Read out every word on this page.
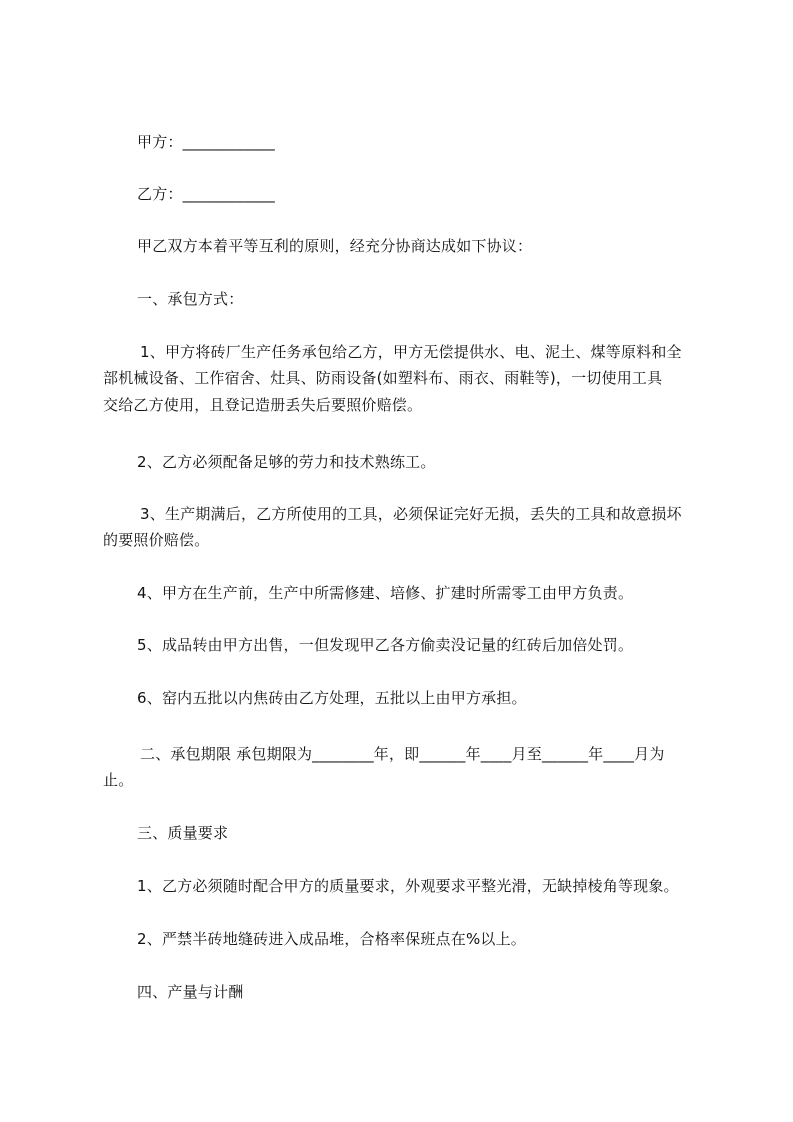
甲方：____________
乙方：____________
甲乙双方本着平等互利的原则，经充分协商达成如下协议：
一、承包方式：
1、甲方将砖厂生产任务承包给乙方，甲方无偿提供水、电、泥土、煤等原料和全
部机械设备、工作宿舍、灶具、防雨设备(如塑料布、雨衣、雨鞋等)，一切使用工具
交给乙方使用，且登记造册丢失后要照价赔偿。
2、乙方必须配备足够的劳力和技术熟练工。
3、生产期满后，乙方所使用的工具，必须保证完好无损，丢失的工具和故意损坏
的要照价赔偿。
4、甲方在生产前，生产中所需修建、培修、扩建时所需零工由甲方负责。
5、成品转由甲方出售，一但发现甲乙各方偷卖没记量的红砖后加倍处罚。
6、窑内五批以内焦砖由乙方处理，五批以上由甲方承担。
二、承包期限 承包期限为________年，即______年____月至______年____月为
止。
三、质量要求
1、乙方必须随时配合甲方的质量要求，外观要求平整光滑，无缺掉棱角等现象。
2、严禁半砖地缝砖进入成品堆，合格率保班点在%以上。
四、产量与计酬
